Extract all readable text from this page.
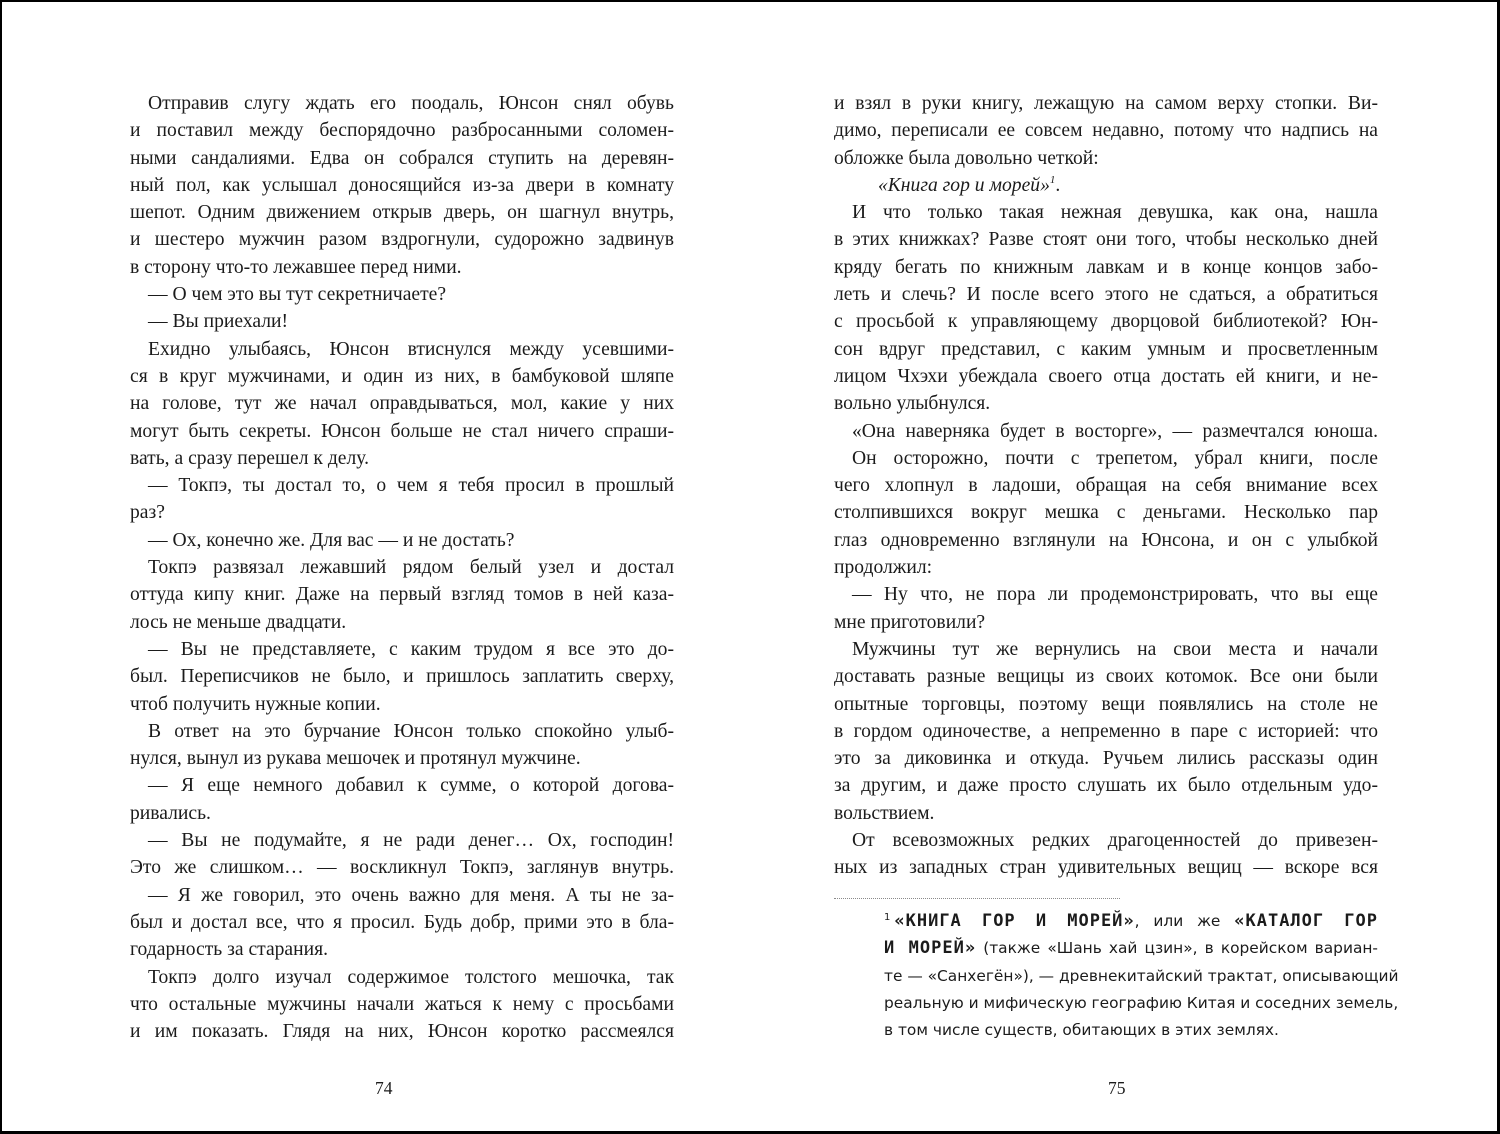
Отправив слугу ждать его поодаль, Юнсон снял обувь
и поставил между беспорядочно разбросанными соломен-
ными сандалиями. Едва он собрался ступить на деревян-
ный пол, как услышал доносящийся из-за двери в комнату
шепот. Одним движением открыв дверь, он шагнул внутрь,
и шестеро мужчин разом вздрогнули, судорожно задвинув
в сторону что-то лежавшее перед ними.
— О чем это вы тут секретничаете?
— Вы приехали!
Ехидно улыбаясь, Юнсон втиснулся между усевшими-
ся в круг мужчинами, и один из них, в бамбуковой шляпе
на голове, тут же начал оправдываться, мол, какие у них
могут быть секреты. Юнсон больше не стал ничего спраши-
вать, а сразу перешел к делу.
— Токпэ, ты достал то, о чем я тебя просил в прошлый
раз?
— Ох, конечно же. Для вас — и не достать?
Токпэ развязал лежавший рядом белый узел и достал
оттуда кипу книг. Даже на первый взгляд томов в ней каза-
лось не меньше двадцати.
— Вы не представляете, с каким трудом я все это до-
был. Переписчиков не было, и пришлось заплатить сверху,
чтоб получить нужные копии.
В ответ на это бурчание Юнсон только спокойно улыб-
нулся, вынул из рукава мешочек и протянул мужчине.
— Я еще немного добавил к сумме, о которой догова-
ривались.
— Вы не подумайте, я не ради денег… Ох, господин!
Это же слишком… — воскликнул Токпэ, заглянув внутрь.
— Я же говорил, это очень важно для меня. А ты не за-
был и достал все, что я просил. Будь добр, прими это в бла-
годарность за старания.
Токпэ долго изучал содержимое толстого мешочка, так
что остальные мужчины начали жаться к нему с просьбами
и им показать. Глядя на них, Юнсон коротко рассмеялся
74
и взял в руки книгу, лежащую на самом верху стопки. Ви-
димо, переписали ее совсем недавно, потому что надпись на
обложке была довольно четкой:
«Книга гор и морей»$^1$.
И что только такая нежная девушка, как она, нашла
в этих книжках? Разве стоят они того, чтобы несколько дней
кряду бегать по книжным лавкам и в конце концов забо-
леть и слечь? И после всего этого не сдаться, а обратиться
с просьбой к управляющему дворцовой библиотекой? Юн-
сон вдруг представил, с каким умным и просветленным
лицом Чхэхи убеждала своего отца достать ей книги, и не-
вольно улыбнулся.
«Она наверняка будет в восторге», — размечтался юноша.
Он осторожно, почти с трепетом, убрал книги, после
чего хлопнул в ладоши, обращая на себя внимание всех
столпившихся вокруг мешка с деньгами. Несколько пар
глаз одновременно взглянули на Юнсона, и он с улыбкой
продолжил:
— Ну что, не пора ли продемонстрировать, что вы еще
мне приготовили?
Мужчины тут же вернулись на свои места и начали
доставать разные вещицы из своих котомок. Все они были
опытные торговцы, поэтому вещи появлялись на столе не
в гордом одиночестве, а непременно в паре с историей: что
это за диковинка и откуда. Ручьем лились рассказы один
за другим, и даже просто слушать их было отдельным удо-
вольствием.
От всевозможных редких драгоценностей до привезен-
ных из западных стран удивительных вещиц — вскоре вся
$^1$ «КНИГА ГОР И МОРЕЙ», или же «КАТАЛОГ ГОР
И МОРЕЙ» (также «Шань хай цзин», в корейском вариан-
те — «Санхегён»), — древнекитайский трактат, описывающий
реальную и мифическую географию Китая и соседних земель,
в том числе существ, обитающих в этих землях.
75
